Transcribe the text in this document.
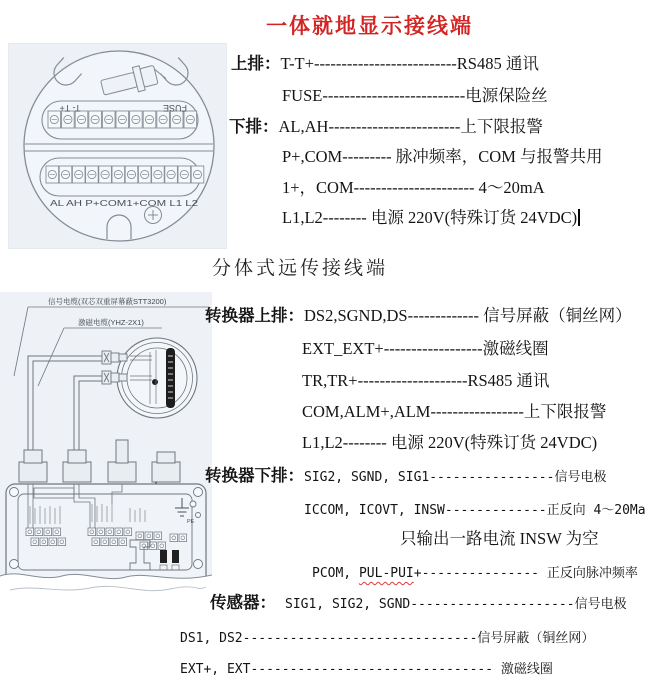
一体就地显示接线端
T- T+	FUSE
AL AH P+COM1+COM L1 L2
上排：T-T+--------------------------RS485 通讯
FUSE--------------------------电源保险丝
下排：AL,AH------------------------上下限报警
P+,COM--------- 脉冲频率，COM 与报警共用
1+，COM---------------------- 4～20mA
L1,L2-------- 电源 220V(特殊订货 24VDC)
分体式远传接线端
信号电缆(双芯双重屏幕蔽STT3200)
激磁电缆(YHZ-2X1)
PE
转换器上排：DS2,SGND,DS------------- 信号屏蔽（铜丝网）
EXT_EXT+------------------激磁线圈
TR,TR+--------------------RS485 通讯
COM,ALM+,ALM-----------------上下限报警
L1,L2-------- 电源 220V(特殊订货 24VDC)
转换器下排：SIG2, SGND, SIG1----------------信号电极
ICCOM, ICOVT, INSW-------------正反向 4～20Ma
只输出一路电流 INSW 为空
PCOM, PUL-PUI+--------------- 正反向脉冲频率
传感器： SIG1, SIG2, SGND---------------------信号电极
DS1, DS2------------------------------信号屏蔽（铜丝网）
EXT+, EXT------------------------------- 激磁线圈
